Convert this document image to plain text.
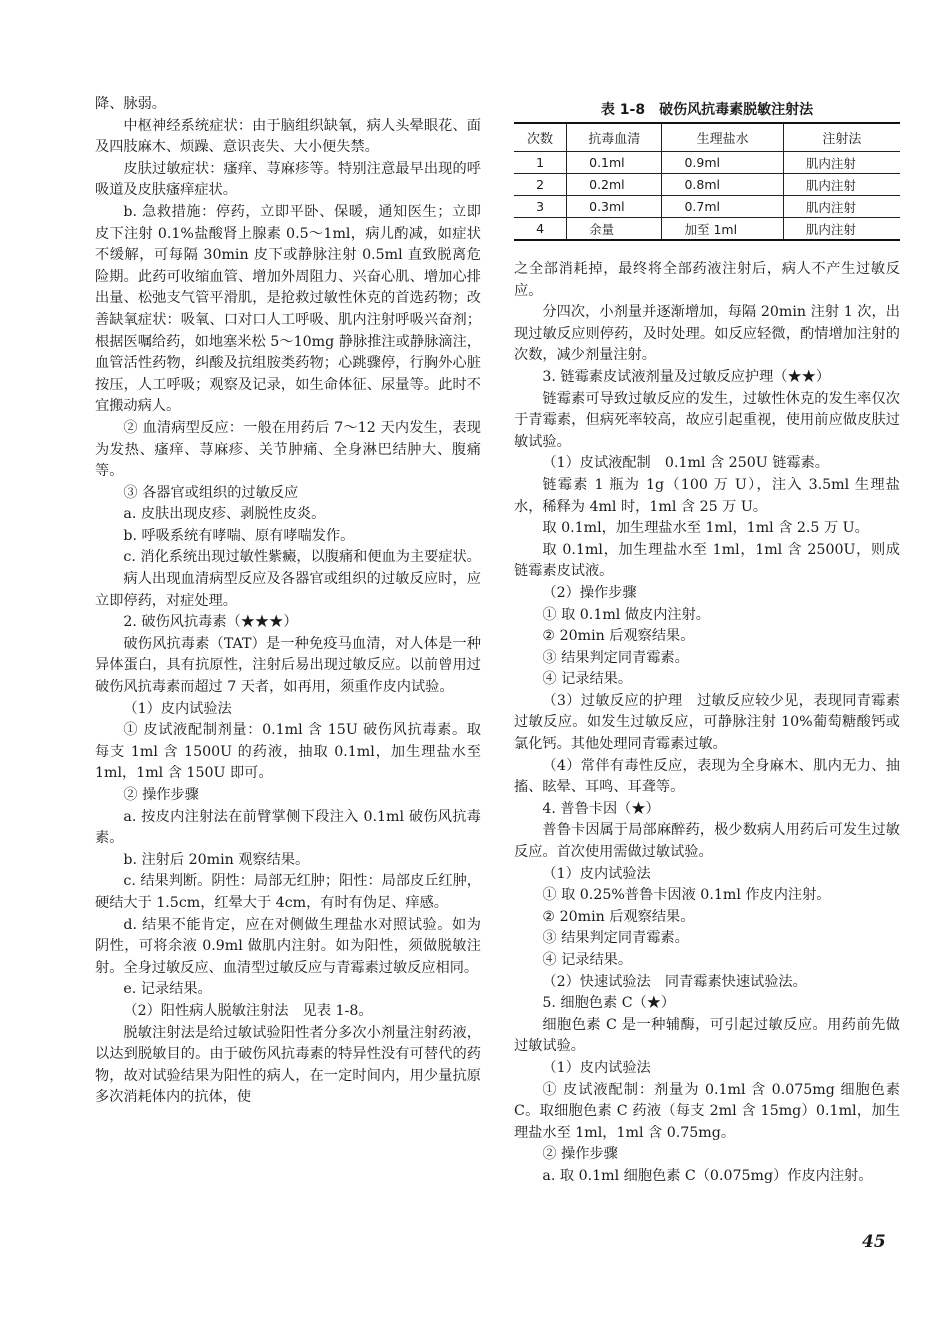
降、脉弱。

中枢神经系统症状：由于脑组织缺氧，病人头晕眼花、面及四肢麻木、烦躁、意识丧失、大小便失禁。

皮肤过敏症状：瘙痒、荨麻疹等。特别注意最早出现的呼吸道及皮肤瘙痒症状。

b. 急救措施：停药，立即平卧、保暖，通知医生；立即皮下注射 0.1%盐酸肾上腺素 0.5～1ml，病儿酌减，如症状不缓解，可每隔 30min 皮下或静脉注射 0.5ml 直致脱离危险期。此药可收缩血管、增加外周阻力、兴奋心肌、增加心排出量、松弛支气管平滑肌，是抢救过敏性休克的首选药物；改善缺氧症状：吸氧、口对口人工呼吸、肌内注射呼吸兴奋剂；根据医嘱给药，如地塞米松 5～10mg 静脉推注或静脉滴注，血管活性药物，纠酸及抗组胺类药物；心跳骤停，行胸外心脏按压，人工呼吸；观察及记录，如生命体征、尿量等。此时不宜搬动病人。

② 血清病型反应：一般在用药后 7～12 天内发生，表现为发热、瘙痒、荨麻疹、关节肿痛、全身淋巴结肿大、腹痛等。

③ 各器官或组织的过敏反应

a. 皮肤出现皮疹、剥脱性皮炎。

b. 呼吸系统有哮喘、原有哮喘发作。

c. 消化系统出现过敏性紫癜，以腹痛和便血为主要症状。

病人出现血清病型反应及各器官或组织的过敏反应时，应立即停药，对症处理。

2. 破伤风抗毒素（★★★）

破伤风抗毒素（TAT）是一种免疫马血清，对人体是一种异体蛋白，具有抗原性，注射后易出现过敏反应。以前曾用过破伤风抗毒素而超过 7 天者，如再用，须重作皮内试验。

（1）皮内试验法

① 皮试液配制剂量：0.1ml 含 15U 破伤风抗毒素。取每支 1ml 含 1500U 的药液，抽取 0.1ml，加生理盐水至 1ml，1ml 含 150U 即可。

② 操作步骤

a. 按皮内注射法在前臂掌侧下段注入 0.1ml 破伤风抗毒素。

b. 注射后 20min 观察结果。

c. 结果判断。阴性：局部无红肿；阳性：局部皮丘红肿，硬结大于 1.5cm，红晕大于 4cm，有时有伪足、痒感。

d. 结果不能肯定，应在对侧做生理盐水对照试验。如为阴性，可将余液 0.9ml 做肌内注射。如为阳性，须做脱敏注射。全身过敏反应、血清型过敏反应与青霉素过敏反应相同。

e. 记录结果。

（2）阳性病人脱敏注射法　见表 1-8。

脱敏注射法是给过敏试验阳性者分多次小剂量注射药液，以达到脱敏目的。由于破伤风抗毒素的特异性没有可替代的药物，故对试验结果为阳性的病人，在一定时间内，用少量抗原多次消耗体内的抗体，使

表 1-8　破伤风抗毒素脱敏注射法
次数	抗毒血清	生理盐水	注射法
1	0.1ml	0.9ml	肌内注射
2	0.2ml	0.8ml	肌内注射
3	0.3ml	0.7ml	肌内注射
4	余量	加至 1ml	肌内注射

之全部消耗掉，最终将全部药液注射后，病人不产生过敏反应。

分四次，小剂量并逐渐增加，每隔 20min 注射 1 次，出现过敏反应则停药，及时处理。如反应轻微，酌情增加注射的次数，减少剂量注射。

3. 链霉素皮试液剂量及过敏反应护理（★★）

链霉素可导致过敏反应的发生，过敏性休克的发生率仅次于青霉素，但病死率较高，故应引起重视，使用前应做皮肤过敏试验。

（1）皮试液配制　0.1ml 含 250U 链霉素。

链霉素 1 瓶为 1g（100 万 U），注入 3.5ml 生理盐水，稀释为 4ml 时，1ml 含 25 万 U。

取 0.1ml，加生理盐水至 1ml，1ml 含 2.5 万 U。

取 0.1ml，加生理盐水至 1ml，1ml 含 2500U，则成链霉素皮试液。

（2）操作步骤

① 取 0.1ml 做皮内注射。

② 20min 后观察结果。

③ 结果判定同青霉素。

④ 记录结果。

（3）过敏反应的护理　过敏反应较少见，表现同青霉素过敏反应。如发生过敏反应，可静脉注射 10%葡萄糖酸钙或氯化钙。其他处理同青霉素过敏。

（4）常伴有毒性反应，表现为全身麻木、肌内无力、抽搐、眩晕、耳鸣、耳聋等。

4. 普鲁卡因（★）

普鲁卡因属于局部麻醉药，极少数病人用药后可发生过敏反应。首次使用需做过敏试验。

（1）皮内试验法

① 取 0.25%普鲁卡因液 0.1ml 作皮内注射。

② 20min 后观察结果。

③ 结果判定同青霉素。

④ 记录结果。

（2）快速试验法　同青霉素快速试验法。

5. 细胞色素 C（★）

细胞色素 C 是一种辅酶，可引起过敏反应。用药前先做过敏试验。

（1）皮内试验法

① 皮试液配制：剂量为 0.1ml 含 0.075mg 细胞色素 C。取细胞色素 C 药液（每支 2ml 含 15mg）0.1ml，加生理盐水至 1ml，1ml 含 0.75mg。

② 操作步骤

a. 取 0.1ml 细胞色素 C（0.075mg）作皮内注射。

45
